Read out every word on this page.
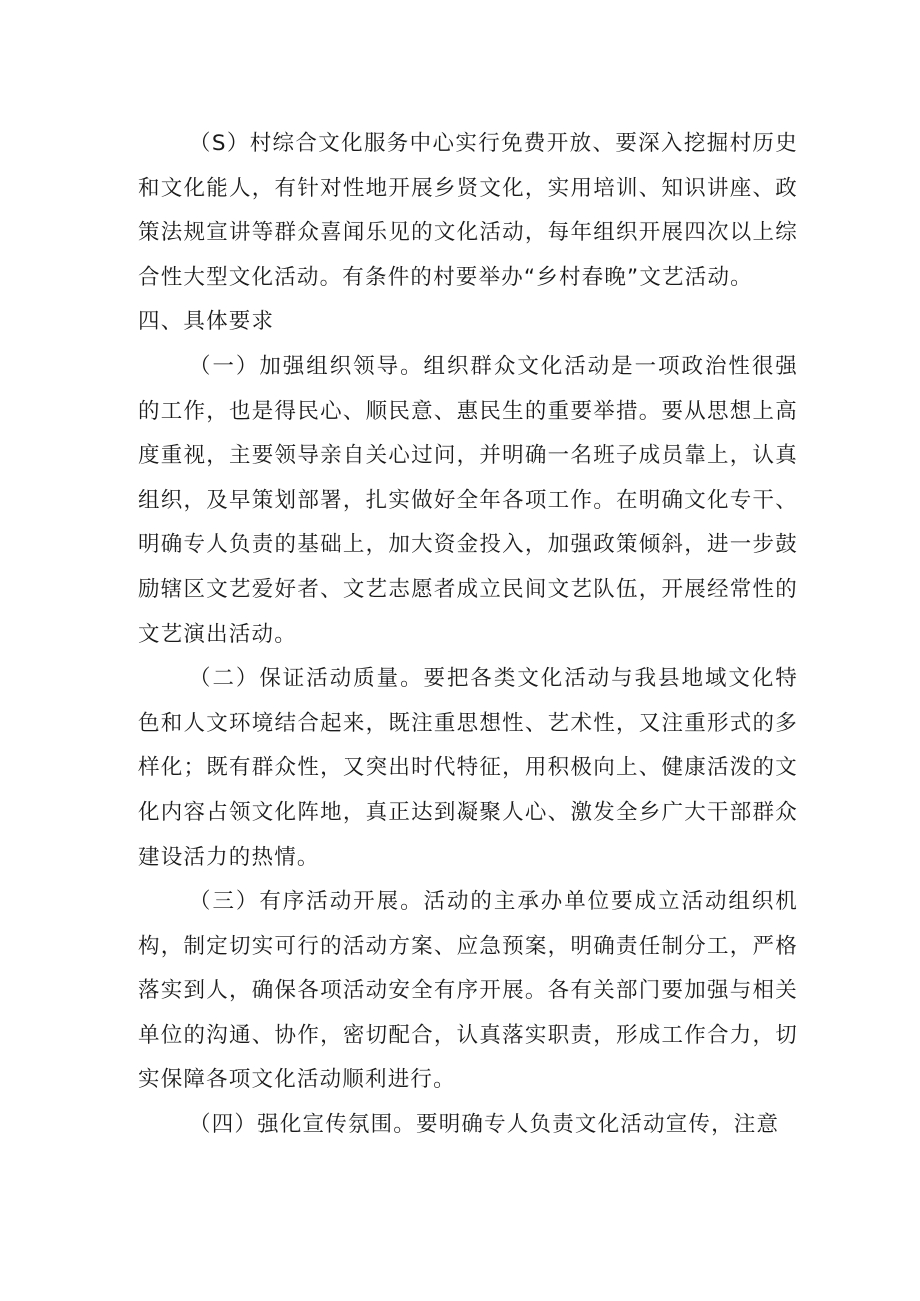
（S）村综合文化服务中心实行免费开放、要深入挖掘村历史和文化能人，有针对性地开展乡贤文化，实用培训、知识讲座、政策法规宣讲等群众喜闻乐见的文化活动，每年组织开展四次以上综合性大型文化活动。有条件的村要举办“乡村春晚”文艺活动。

四、具体要求

（一）加强组织领导。组织群众文化活动是一项政治性很强的工作，也是得民心、顺民意、惠民生的重要举措。要从思想上高度重视，主要领导亲自关心过问，并明确一名班子成员靠上，认真组织，及早策划部署，扎实做好全年各项工作。在明确文化专干、明确专人负责的基础上，加大资金投入，加强政策倾斜，进一步鼓励辖区文艺爱好者、文艺志愿者成立民间文艺队伍，开展经常性的文艺演出活动。

（二）保证活动质量。要把各类文化活动与我县地域文化特色和人文环境结合起来，既注重思想性、艺术性，又注重形式的多样化；既有群众性，又突出时代特征，用积极向上、健康活泼的文化内容占领文化阵地，真正达到凝聚人心、激发全乡广大干部群众建设活力的热情。

（三）有序活动开展。活动的主承办单位要成立活动组织机构，制定切实可行的活动方案、应急预案，明确责任制分工，严格落实到人，确保各项活动安全有序开展。各有关部门要加强与相关单位的沟通、协作，密切配合，认真落实职责，形成工作合力，切实保障各项文化活动顺利进行。

（四）强化宣传氛围。要明确专人负责文化活动宣传，注意
